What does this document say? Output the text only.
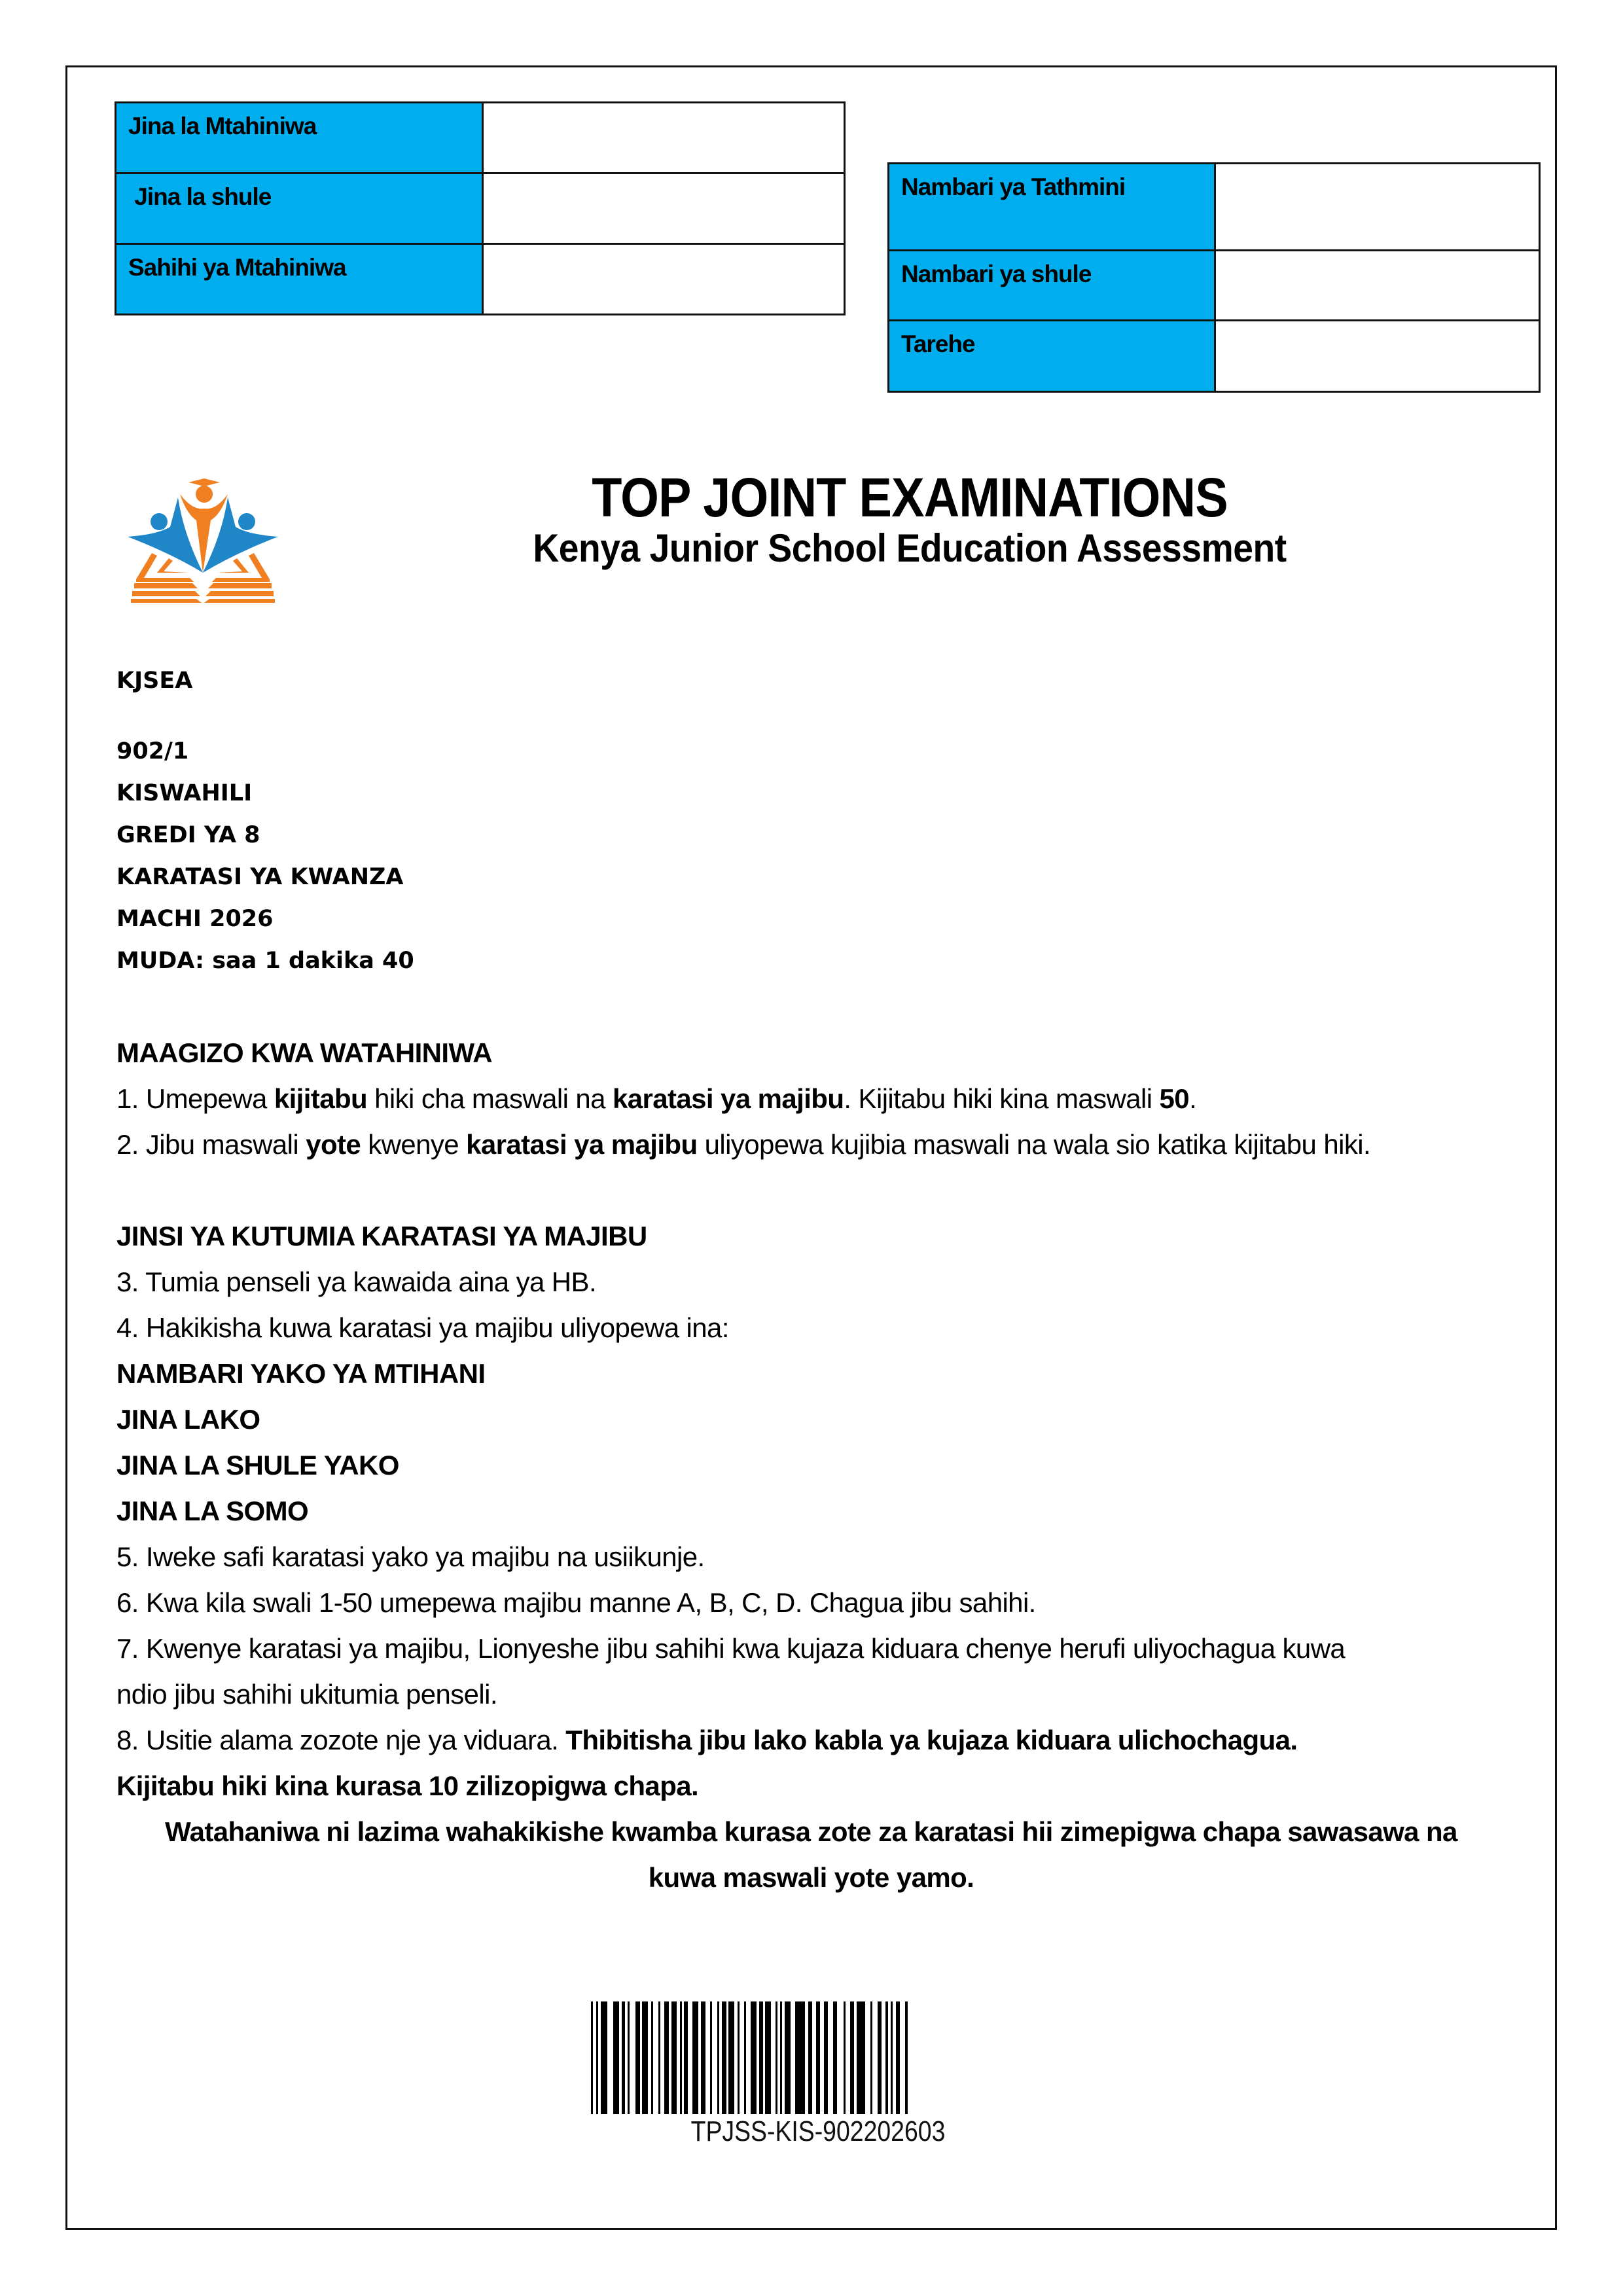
Jina la Mtahiniwa	
Jina la shule	
Sahihi ya Mtahiniwa	
Nambari ya Tathmini	
Nambari ya shule	
Tarehe	
TOP JOINT EXAMINATIONS
Kenya Junior School Education Assessment
KJSEA
902/1
KISWAHILI
GREDI YA 8
KARATASI YA KWANZA
MACHI 2026
MUDA: saa 1 dakika 40
MAAGIZO KWA WATAHINIWA
1. Umepewa kijitabu hiki cha maswali na karatasi ya majibu. Kijitabu hiki kina maswali 50.
2. Jibu maswali yote kwenye karatasi ya majibu uliyopewa kujibia maswali na wala sio katika kijitabu hiki.
JINSI YA KUTUMIA KARATASI YA MAJIBU
3. Tumia penseli ya kawaida aina ya HB.
4. Hakikisha kuwa karatasi ya majibu uliyopewa ina:
NAMBARI YAKO YA MTIHANI
JINA LAKO
JINA LA SHULE YAKO
JINA LA SOMO
5. Iweke safi karatasi yako ya majibu na usiikunje.
6. Kwa kila swali 1-50 umepewa majibu manne A, B, C, D. Chagua jibu sahihi.
7. Kwenye karatasi ya majibu, Lionyeshe jibu sahihi kwa kujaza kiduara chenye herufi uliyochagua kuwa
ndio jibu sahihi ukitumia penseli.
8. Usitie alama zozote nje ya viduara. Thibitisha jibu lako kabla ya kujaza kiduara ulichochagua.
Kijitabu hiki kina kurasa 10 zilizopigwa chapa.
Watahaniwa ni lazima wahakikishe kwamba kurasa zote za karatasi hii zimepigwa chapa sawasawa na
kuwa maswali yote yamo.
TPJSS-KIS-902202603
